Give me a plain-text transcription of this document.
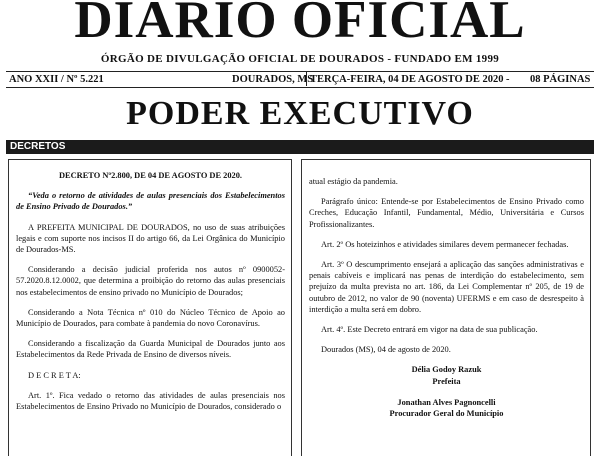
DIARIO OFICIAL
ÓRGÃO DE DIVULGAÇÃO OFICIAL DE DOURADOS - FUNDADO EM 1999
ANO XXII / Nº 5.221	DOURADOS, MS
TERÇA-FEIRA, 04 DE AGOSTO DE 2020 - 08 PÁGINAS
PODER EXECUTIVO
DECRETOS

DECRETO Nº2.800, DE 04 DE AGOSTO DE 2020.

“Veda o retorno de atividades de aulas presenciais dos Estabelecimentos de Ensino Privado de Dourados.”

A PREFEITA MUNICIPAL DE DOURADOS, no uso de suas atribuições legais e com suporte nos incisos II do artigo 66, da Lei Orgânica do Município de Dourados-MS.

Considerando a decisão judicial proferida nos autos nº 0900052-57.2020.8.12.0002, que determina a proibição do retorno das aulas presenciais nos estabelecimentos de ensino privado no Município de Dourados;

Considerando a Nota Técnica nº 010 do Núcleo Técnico de Apoio ao Município de Dourados, para combate à pandemia do novo Coronavírus.

Considerando a fiscalização da Guarda Municipal de Dourados junto aos Estabelecimentos da Rede Privada de Ensino de diversos níveis.

D E C R E T A:

Art. 1º. Fica vedado o retorno das atividades de aulas presenciais nos Estabelecimentos de Ensino Privado no Município de Dourados, considerado o

atual estágio da pandemia.

Parágrafo único: Entende-se por Estabelecimentos de Ensino Privado como Creches, Educação Infantil, Fundamental, Médio, Universitária e Cursos Profissionalizantes.

Art. 2º Os hoteizinhos e atividades similares devem permanecer fechadas.

Art. 3º O descumprimento ensejará a aplicação das sanções administrativas e penais cabíveis e implicará nas penas de interdição do estabelecimento, sem prejuízo da multa prevista no art. 186, da Lei Complementar nº 205, de 19 de outubro de 2012, no valor de 90 (noventa) UFERMS e em caso de desrespeito à interdição a multa será em dobro.

Art. 4º. Este Decreto entrará em vigor na data de sua publicação.

Dourados (MS), 04 de agosto de 2020.

Délia Godoy Razuk

Prefeita

Jonathan Alves Pagnoncelli

Procurador Geral do Município
